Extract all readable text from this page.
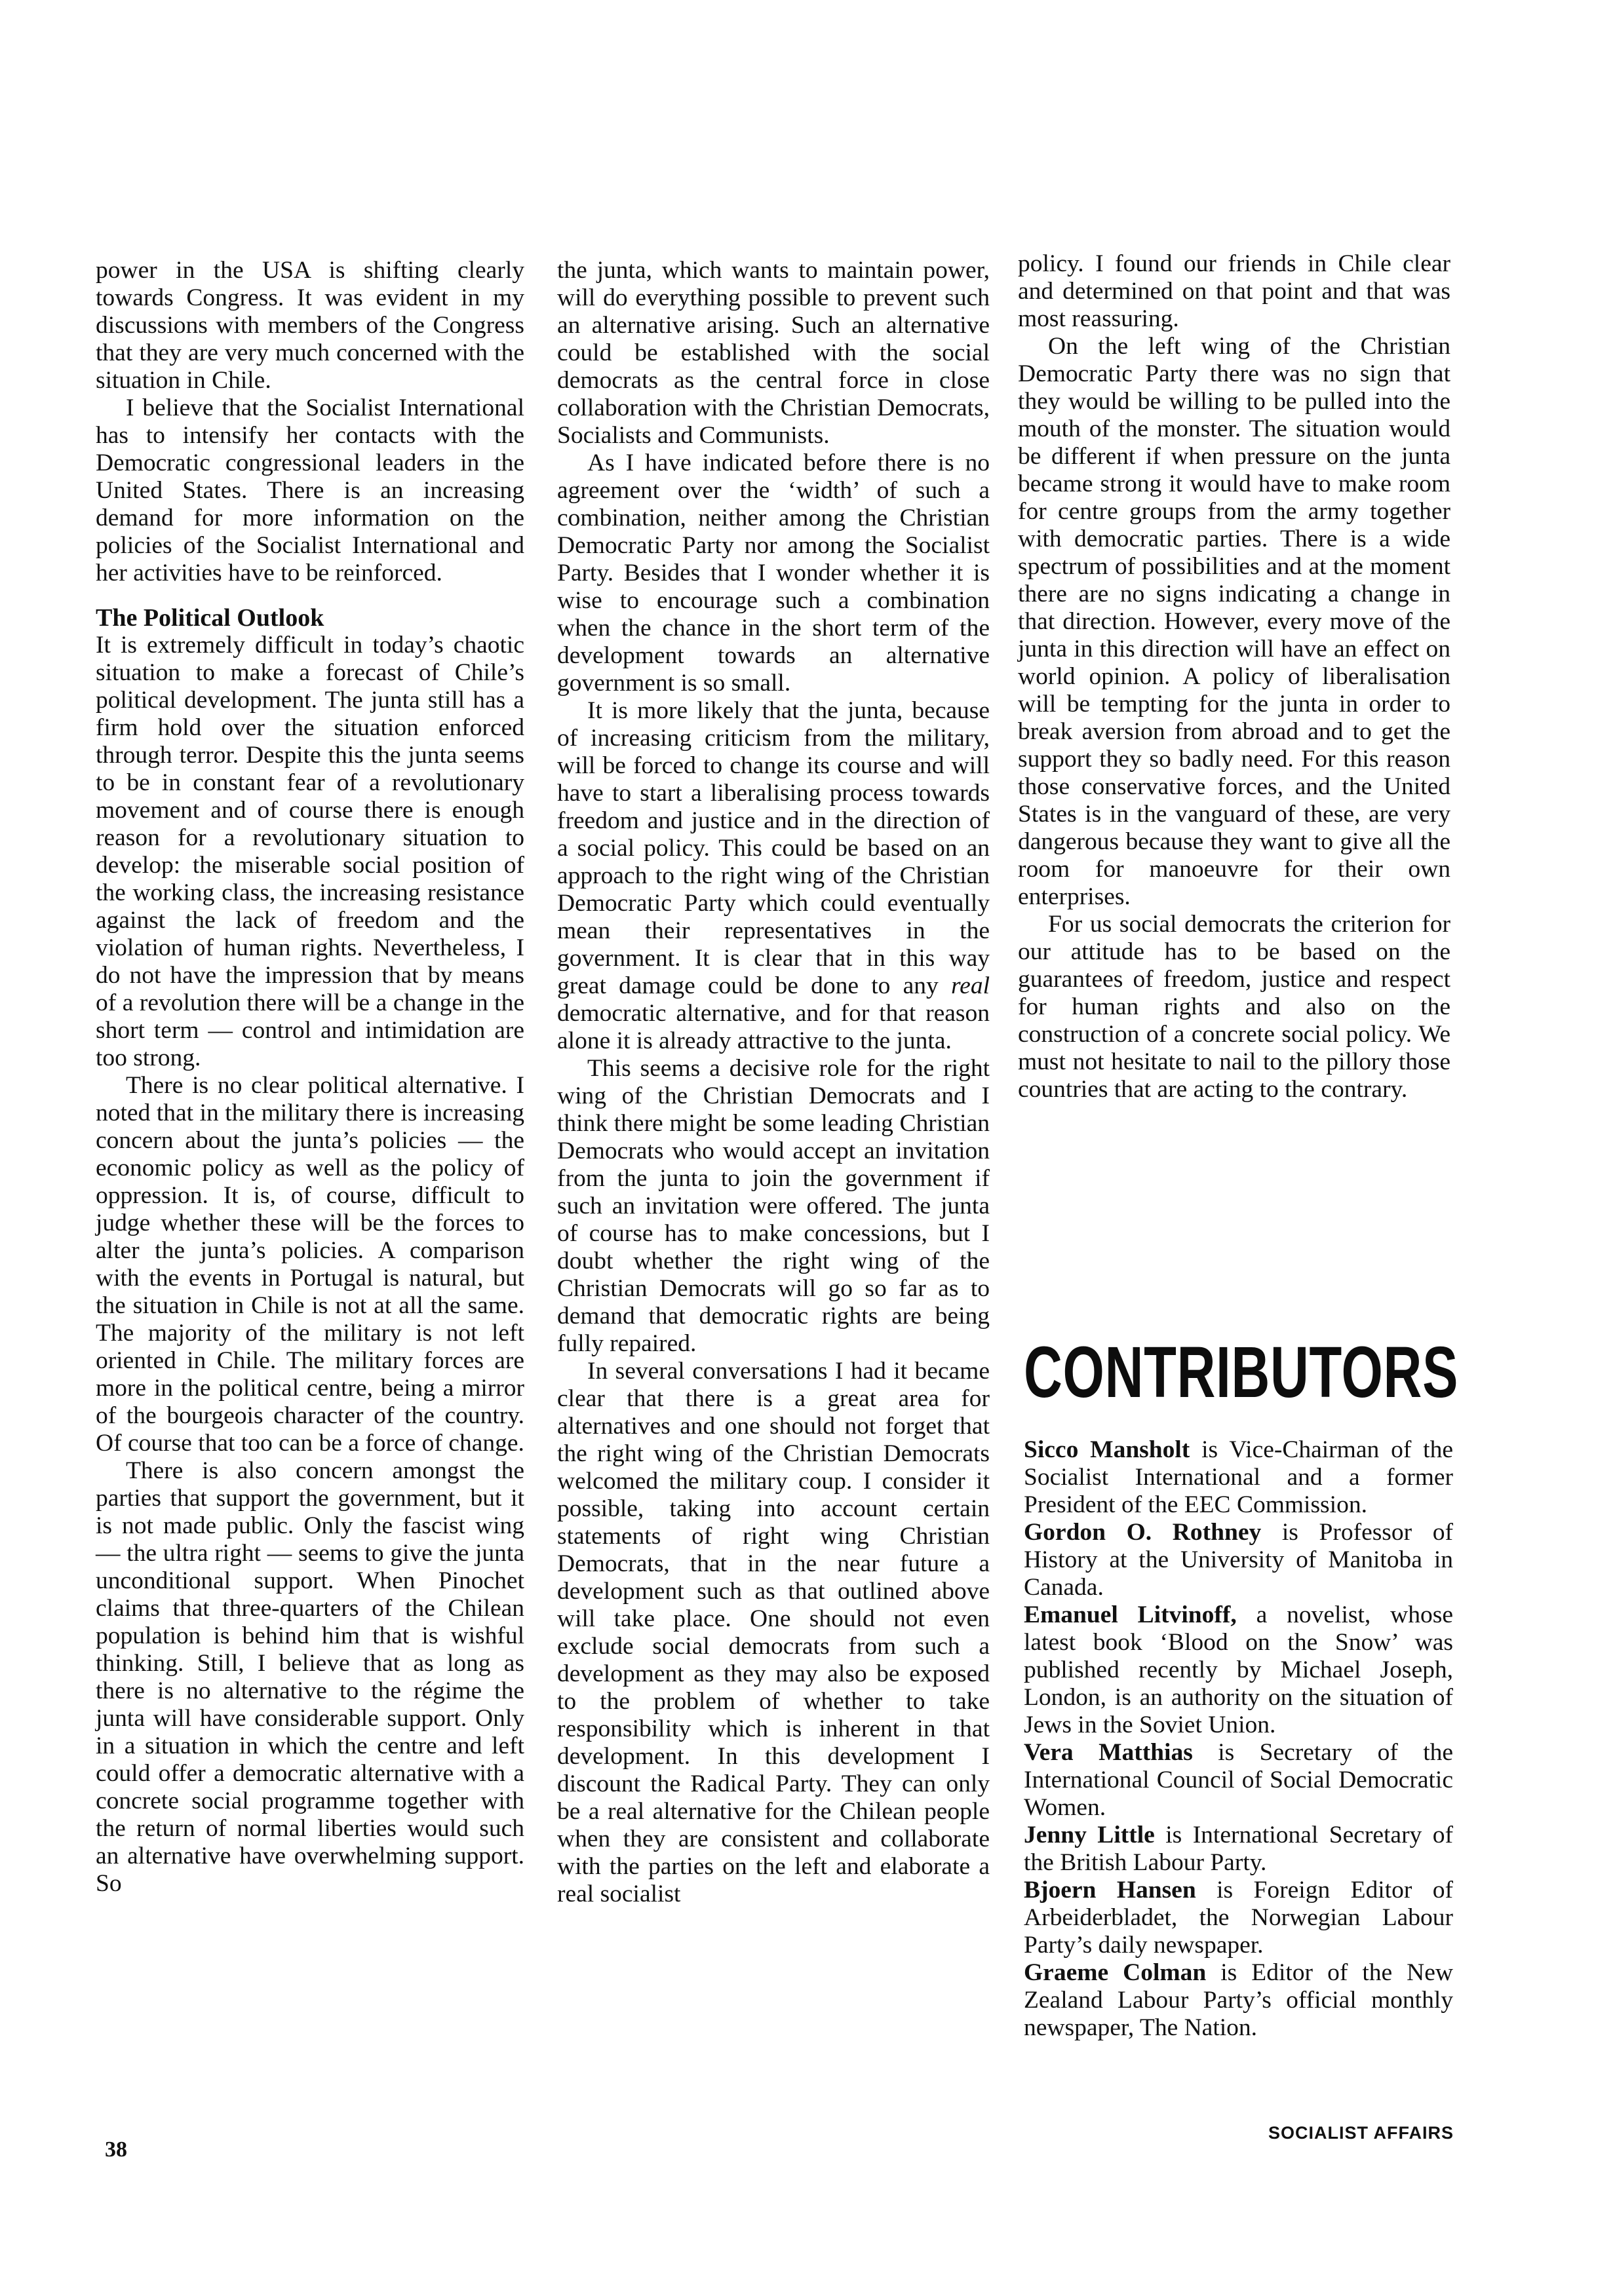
power in the USA is shifting clearly towards Congress. It was evident in my discussions with members of the Congress that they are very much concerned with the situation in Chile.

I believe that the Socialist International has to intensify her contacts with the Democratic congressional leaders in the United States. There is an increasing demand for more information on the policies of the Socialist International and her activities have to be reinforced.

The Political Outlook

It is extremely difficult in today’s chaotic situation to make a forecast of Chile’s political development. The junta still has a firm hold over the situation enforced through terror. Despite this the junta seems to be in constant fear of a revolutionary movement and of course there is enough reason for a revolutionary situation to develop: the miserable social position of the working class, the increasing resistance against the lack of freedom and the violation of human rights. Nevertheless, I do not have the impression that by means of a revolution there will be a change in the short term — control and intimidation are too strong.

There is no clear political alternative. I noted that in the military there is increasing concern about the junta’s policies — the economic policy as well as the policy of oppression. It is, of course, difficult to judge whether these will be the forces to alter the junta’s policies. A comparison with the events in Portugal is natural, but the situation in Chile is not at all the same. The majority of the military is not left oriented in Chile. The military forces are more in the political centre, being a mirror of the bourgeois character of the country. Of course that too can be a force of change.

There is also concern amongst the parties that support the government, but it is not made public. Only the fascist wing — the ultra right — seems to give the junta unconditional support. When Pinochet claims that three-quarters of the Chilean population is behind him that is wishful thinking. Still, I believe that as long as there is no alternative to the régime the junta will have considerable support. Only in a situation in which the centre and left could offer a democratic alternative with a concrete social programme together with the return of normal liberties would such an alternative have overwhelming support. So

the junta, which wants to maintain power, will do everything possible to prevent such an alternative arising. Such an alternative could be established with the social democrats as the central force in close collaboration with the Christian Democrats, Socialists and Communists.

As I have indicated before there is no agreement over the ‘width’ of such a combination, neither among the Christian Democratic Party nor among the Socialist Party. Besides that I wonder whether it is wise to encourage such a combination when the chance in the short term of the development towards an alternative government is so small.

It is more likely that the junta, because of increasing criticism from the military, will be forced to change its course and will have to start a liberalising process towards freedom and justice and in the direction of a social policy. This could be based on an approach to the right wing of the Christian Democratic Party which could eventually mean their representatives in the government. It is clear that in this way great damage could be done to any real democratic alternative, and for that reason alone it is already attractive to the junta.

This seems a decisive role for the right wing of the Christian Democrats and I think there might be some leading Christian Democrats who would accept an invitation from the junta to join the government if such an invitation were offered. The junta of course has to make concessions, but I doubt whether the right wing of the Christian Democrats will go so far as to demand that democratic rights are being fully repaired.

In several conversations I had it became clear that there is a great area for alternatives and one should not forget that the right wing of the Christian Democrats welcomed the military coup. I consider it possible, taking into account certain statements of right wing Christian Democrats, that in the near future a development such as that outlined above will take place. One should not even exclude social democrats from such a development as they may also be exposed to the problem of whether to take responsibility which is inherent in that development. In this development I discount the Radical Party. They can only be a real alternative for the Chilean people when they are consistent and collaborate with the parties on the left and elaborate a real socialist

policy. I found our friends in Chile clear and determined on that point and that was most reassuring.

On the left wing of the Christian Democratic Party there was no sign that they would be willing to be pulled into the mouth of the monster. The situation would be different if when pressure on the junta became strong it would have to make room for centre groups from the army together with democratic parties. There is a wide spectrum of possibilities and at the moment there are no signs indicating a change in that direction. However, every move of the junta in this direction will have an effect on world opinion. A policy of liberalisation will be tempting for the junta in order to break aversion from abroad and to get the support they so badly need. For this reason those conservative forces, and the United States is in the vanguard of these, are very dangerous because they want to give all the room for manoeuvre for their own enterprises.

For us social democrats the criterion for our attitude has to be based on the guarantees of freedom, justice and respect for human rights and also on the construction of a concrete social policy. We must not hesitate to nail to the pillory those countries that are acting to the contrary.

CONTRIBUTORS

Sicco Mansholt is Vice-Chairman of the Socialist International and a former President of the EEC Commission.

Gordon O. Rothney is Professor of History at the University of Manitoba in Canada.

Emanuel Litvinoff, a novelist, whose latest book ‘Blood on the Snow’ was published recently by Michael Joseph, London, is an authority on the situation of Jews in the Soviet Union.

Vera Matthias is Secretary of the International Council of Social Democratic Women.

Jenny Little is International Secretary of the British Labour Party.

Bjoern Hansen is Foreign Editor of Arbeiderbladet, the Norwegian Labour Party’s daily newspaper.

Graeme Colman is Editor of the New Zealand Labour Party’s official monthly newspaper, The Nation.

38
SOCIALIST AFFAIRS
